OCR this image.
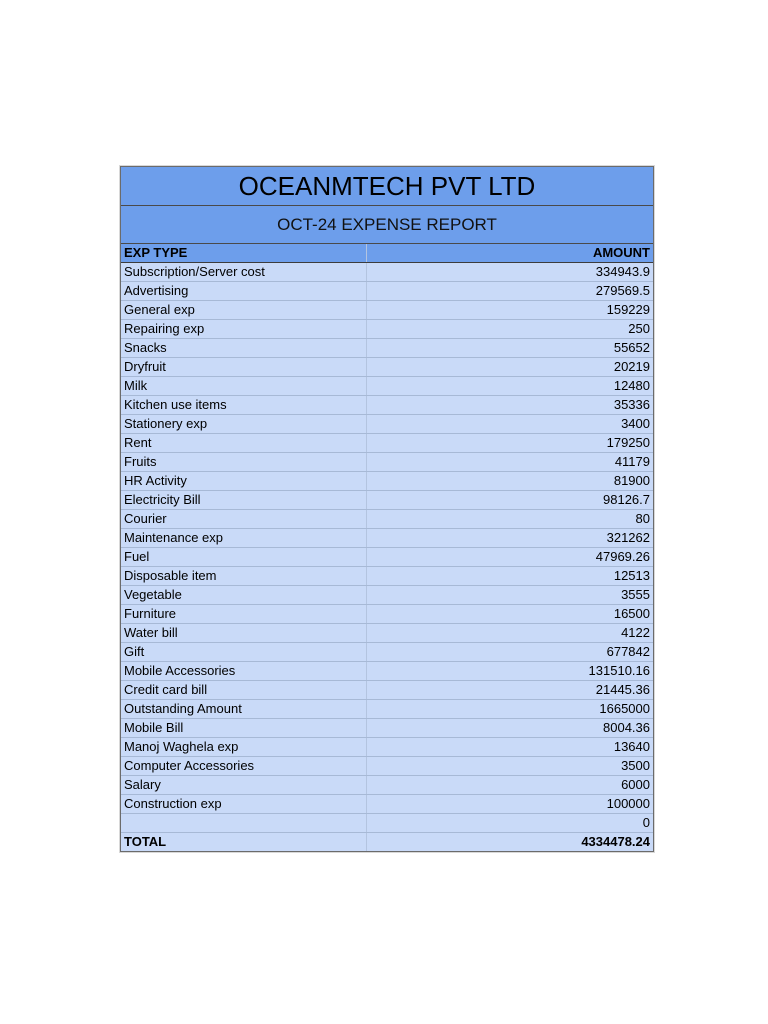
OCEANMTECH PVT LTD
OCT-24 EXPENSE REPORT
EXP TYPE	AMOUNT
Subscription/Server cost	334943.9
Advertising	279569.5
General exp	159229
Repairing exp	250
Snacks	55652
Dryfruit	20219
Milk	12480
Kitchen use items	35336
Stationery exp	3400
Rent	179250
Fruits	41179
HR Activity	81900
Electricity Bill	98126.7
Courier	80
Maintenance exp	321262
Fuel	47969.26
Disposable item	12513
Vegetable	3555
Furniture	16500
Water bill	4122
Gift	677842
Mobile Accessories	131510.16
Credit card bill	21445.36
Outstanding Amount	1665000
Mobile Bill	8004.36
Manoj Waghela exp	13640
Computer Accessories	3500
Salary	6000
Construction exp	100000
	0
TOTAL	4334478.24
